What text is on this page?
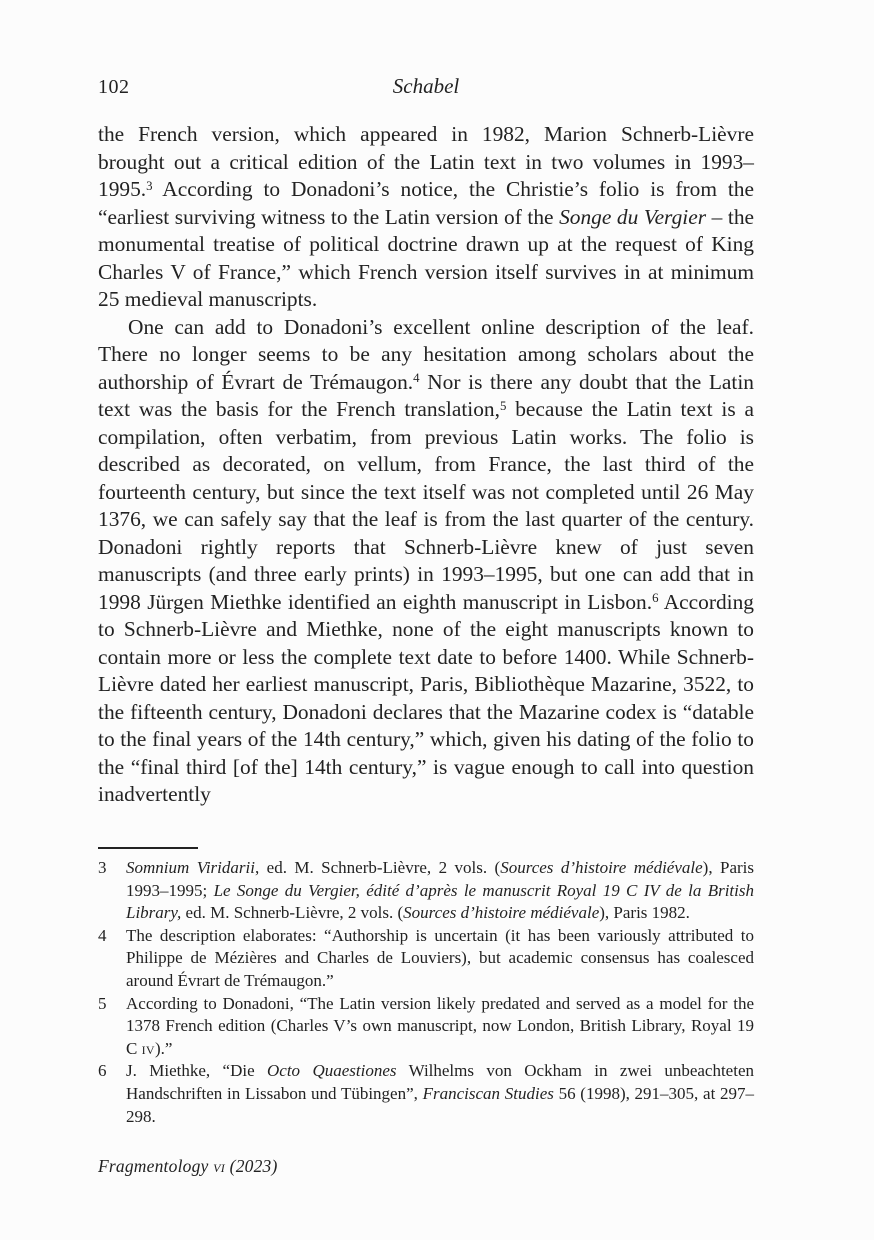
102	Schabel

the French version, which appeared in 1982, Marion Schnerb-Lièvre brought out a critical edition of the Latin text in two volumes in 1993–1995.$^3$ According to Donadoni’s notice, the Christie’s folio is from the “earliest surviving witness to the Latin version of the Songe du Vergier – the monumental treatise of political doctrine drawn up at the request of King Charles V of France,” which French version itself survives in at minimum 25 medieval manuscripts.

One can add to Donadoni’s excellent online description of the leaf. There no longer seems to be any hesitation among scholars about the authorship of Évrart de Trémaugon.$^4$ Nor is there any doubt that the Latin text was the basis for the French translation,$^5$ because the Latin text is a compilation, often verbatim, from previous Latin works. The folio is described as decorated, on vellum, from France, the last third of the fourteenth century, but since the text itself was not completed until 26 May 1376, we can safely say that the leaf is from the last quarter of the century. Donadoni rightly reports that Schnerb-Lièvre knew of just seven manuscripts (and three early prints) in 1993–1995, but one can add that in 1998 Jürgen Miethke identified an eighth manuscript in Lisbon.$^6$ According to Schnerb-Lièvre and Miethke, none of the eight manuscripts known to contain more or less the complete text date to before 1400. While Schnerb-Lièvre dated her earliest manuscript, Paris, Bibliothèque Mazarine, 3522, to the fifteenth century, Donadoni declares that the Mazarine codex is “datable to the final years of the 14th century,” which, given his dating of the folio to the “final third [of the] 14th century,” is vague enough to call into question inadvertently

3	Somnium Viridarii, ed. M. Schnerb-Lièvre, 2 vols. (Sources d’histoire médiévale), Paris 1993–1995; Le Songe du Vergier, édité d’après le manuscrit Royal 19 C IV de la British Library, ed. M. Schnerb-Lièvre, 2 vols. (Sources d’histoire médiévale), Paris 1982.
4	The description elaborates: “Authorship is uncertain (it has been variously attributed to Philippe de Mézières and Charles de Louviers), but academic consensus has coalesced around Évrart de Trémaugon.”
5	According to Donadoni, “The Latin version likely predated and served as a model for the 1378 French edition (Charles V’s own manuscript, now London, British Library, Royal 19 C iv).”
6	J. Miethke, “Die Octo Quaestiones Wilhelms von Ockham in zwei unbeachteten Handschriften in Lissabon und Tübingen”, Franciscan Studies 56 (1998), 291–305, at 297–298.
Fragmentology vi (2023)
